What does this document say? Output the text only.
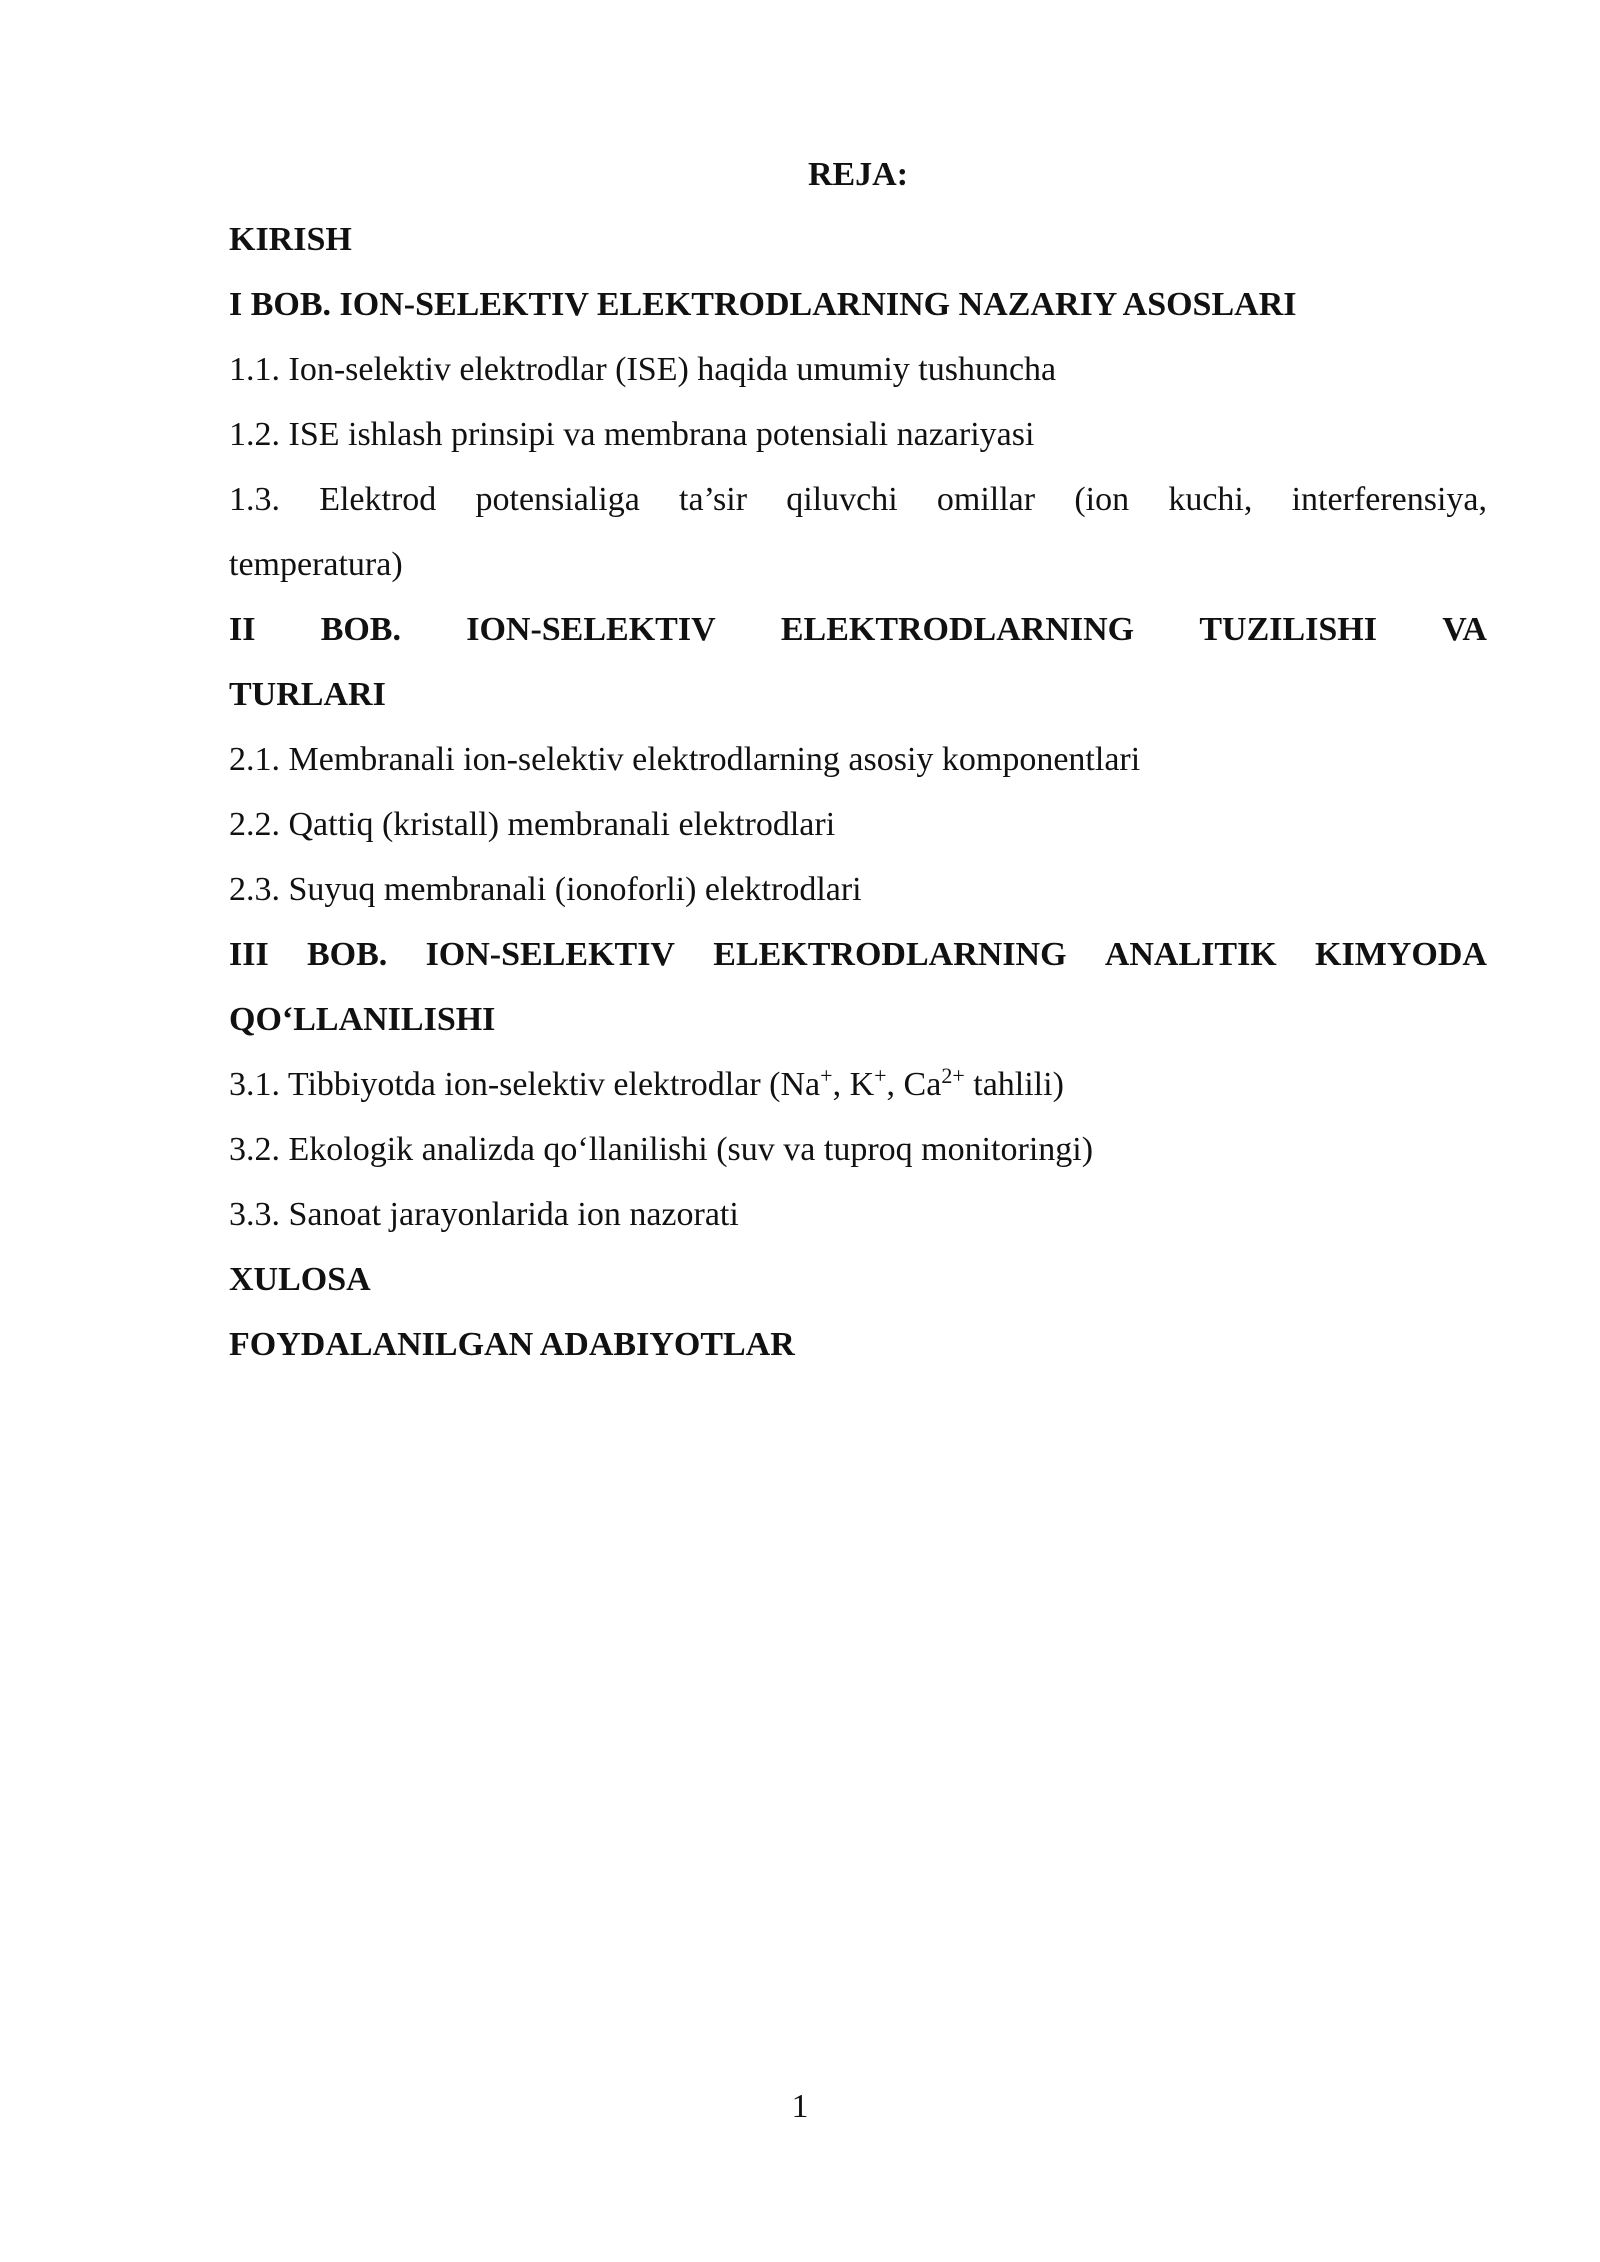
REJA:
KIRISH
I BOB. ION-SELEKTIV ELEKTRODLARNING NAZARIY ASOSLARI
1.1. Ion-selektiv elektrodlar (ISE) haqida umumiy tushuncha
1.2. ISE ishlash prinsipi va membrana potensiali nazariyasi
1.3. Elektrod potensialiga ta’sir qiluvchi omillar (ion kuchi, interferensiya,
temperatura)
II BOB. ION-SELEKTIV ELEKTRODLARNING TUZILISHI VA
TURLARI
2.1. Membranali ion-selektiv elektrodlarning asosiy komponentlari
2.2. Qattiq (kristall) membranali elektrodlari
2.3. Suyuq membranali (ionoforli) elektrodlari
III BOB. ION-SELEKTIV ELEKTRODLARNING ANALITIK KIMYODA
QO‘LLANILISHI
3.1. Tibbiyotda ion-selektiv elektrodlar (Na+, K+, $Ca^{2+}$ tahlili)
3.2. Ekologik analizda qo‘llanilishi (suv va tuproq monitoringi)
3.3. Sanoat jarayonlarida ion nazorati
XULOSA
FOYDALANILGAN ADABIYOTLAR
1
